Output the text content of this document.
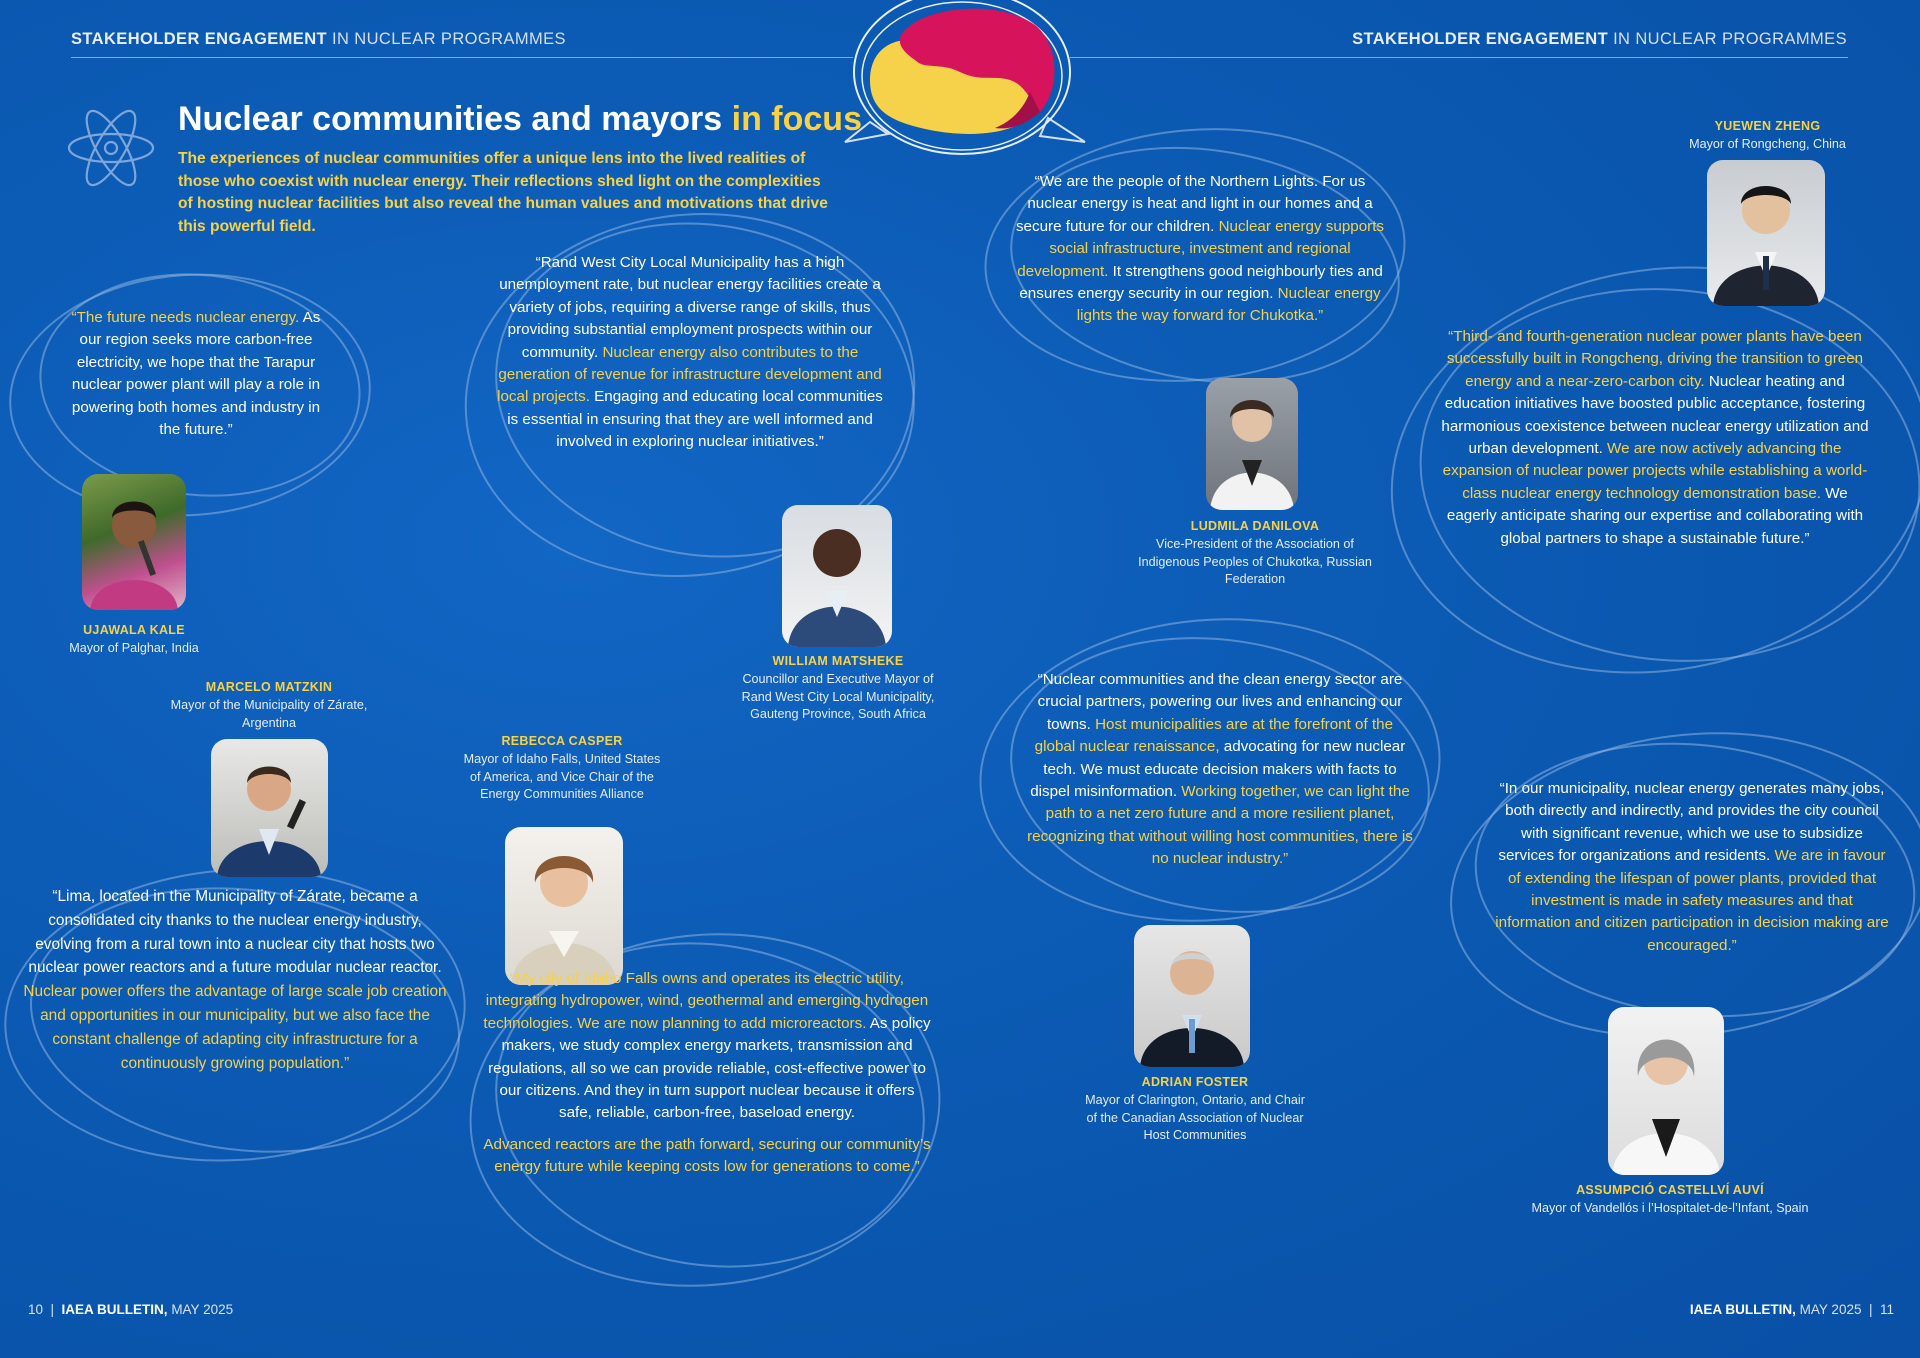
STAKEHOLDER ENGAGEMENT IN NUCLEAR PROGRAMMES	STAKEHOLDER ENGAGEMENT IN NUCLEAR PROGRAMMES
Nuclear communities and mayors in focus
The experiences of nuclear communities offer a unique lens into the lived realities of those who coexist with nuclear energy. Their reflections shed light on the complexities of hosting nuclear facilities but also reveal the human values and motivations that drive this powerful field.
“The future needs nuclear energy. As our region seeks more carbon-free electricity, we hope that the Tarapur nuclear power plant will play a role in powering both homes and industry in the future.”
UJAWALA KALE
Mayor of Palghar, India
“Rand West City Local Municipality has a high unemployment rate, but nuclear energy facilities create a variety of jobs, requiring a diverse range of skills, thus providing substantial employment prospects within our community. Nuclear energy also contributes to the generation of revenue for infrastructure development and local projects. Engaging and educating local communities is essential in ensuring that they are well informed and involved in exploring nuclear initiatives.”
WILLIAM MATSHEKE
Councillor and Executive Mayor of Rand West City Local Municipality, Gauteng Province, South Africa
“We are the people of the Northern Lights. For us nuclear energy is heat and light in our homes and a secure future for our children. Nuclear energy supports social infrastructure, investment and regional development. It strengthens good neighbourly ties and ensures energy security in our region. Nuclear energy lights the way forward for Chukotka.”
LUDMILA DANILOVA
Vice-President of the Association of Indigenous Peoples of Chukotka, Russian Federation
YUEWEN ZHENG
Mayor of Rongcheng, China
“Third- and fourth-generation nuclear power plants have been successfully built in Rongcheng, driving the transition to green energy and a near-zero-carbon city. Nuclear heating and education initiatives have boosted public acceptance, fostering harmonious coexistence between nuclear energy utilization and urban development. We are now actively advancing the expansion of nuclear power projects while establishing a world-class nuclear energy technology demonstration base. We eagerly anticipate sharing our expertise and collaborating with global partners to shape a sustainable future.”
MARCELO MATZKIN
Mayor of the Municipality of Zárate, Argentina
“Lima, located in the Municipality of Zárate, became a consolidated city thanks to the nuclear energy industry, evolving from a rural town into a nuclear city that hosts two nuclear power reactors and a future modular nuclear reactor. Nuclear power offers the advantage of large scale job creation and opportunities in our municipality, but we also face the constant challenge of adapting city infrastructure for a continuously growing population.”
REBECCA CASPER
Mayor of Idaho Falls, United States of America, and Vice Chair of the Energy Communities Alliance

“My city of Idaho Falls owns and operates its electric utility, integrating hydropower, wind, geothermal and emerging hydrogen technologies. We are now planning to add microreactors. As policy makers, we study complex energy markets, transmission and regulations, all so we can provide reliable, cost-effective power to our citizens. And they in turn support nuclear because it offers safe, reliable, carbon-free, baseload energy.

Advanced reactors are the path forward, securing our community’s energy future while keeping costs low for generations to come.”

“Nuclear communities and the clean energy sector are crucial partners, powering our lives and enhancing our towns. Host municipalities are at the forefront of the global nuclear renaissance, advocating for new nuclear tech. We must educate decision makers with facts to dispel misinformation. Working together, we can light the path to a net zero future and a more resilient planet, recognizing that without willing host communities, there is no nuclear industry.”
ADRIAN FOSTER
Mayor of Clarington, Ontario, and Chair of the Canadian Association of Nuclear Host Communities
“In our municipality, nuclear energy generates many jobs, both directly and indirectly, and provides the city council with significant revenue, which we use to subsidize services for organizations and residents. We are in favour of extending the lifespan of power plants, provided that investment is made in safety measures and that information and citizen participation in decision making are encouraged.”
ASSUMPCIÓ CASTELLVÍ AUVÍ
Mayor of Vandellós i l’Hospitalet-de-l’Infant, Spain
10  |  IAEA BULLETIN, MAY 2025	IAEA BULLETIN, MAY 2025  |  11
